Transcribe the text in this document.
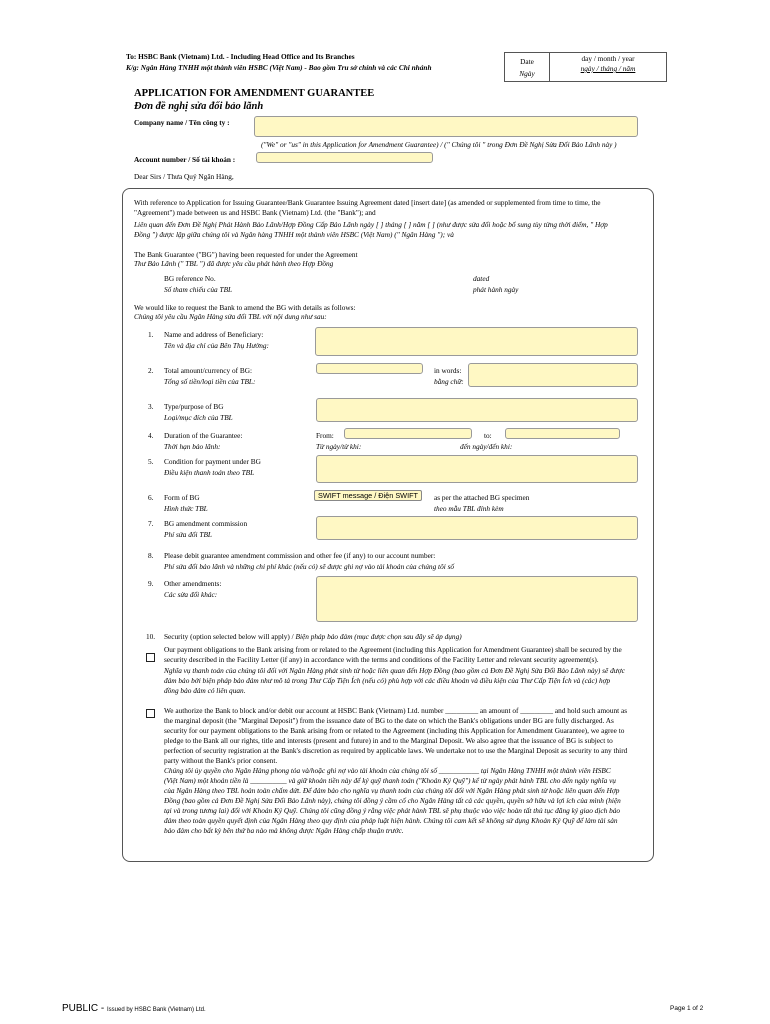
To: HSBC Bank (Vietnam) Ltd. - Including Head Office and Its Branches
K/g: Ngân Hàng TNHH một thành viên HSBC (Việt Nam) - Bao gồm Tru sở chính và các Chi nhánh
Date
Ngày
day / month / year
ngày / tháng / năm
APPLICATION FOR AMENDMENT GUARANTEE
Đơn đề nghị sửa đổi bảo lãnh
Company name / Tên công ty :
("We" or "us" in this Application for Amendment Guarantee) / (" Chúng tôi " trong Đơn Đề Nghị Sửa Đổi Bảo Lãnh này )
Account number / Số tài khoản :
Dear Sirs / Thưa Quý Ngân Hàng,
With reference to Application for Issuing Guarantee/Bank Guarantee Issuing Agreement dated [insert date] (as amended or supplemented from time to time, the
"Agreement") made between us and HSBC Bank (Vietnam) Ltd. (the "Bank"); and
Liên quan đến Đơn Đề Nghị Phát Hành Bảo Lãnh/Hợp Đồng Cấp Bảo Lãnh ngày [ ] tháng [ ] năm [ ] (như được sửa đổi hoặc bổ sung tùy từng thời điểm, " Hợp
Đồng ") được lập giữa chúng tôi và Ngân hàng TNHH một thành viên HSBC (Việt Nam) (" Ngân Hàng "); và
The Bank Guarantee ("BG") having been requested for under the Agreement
Thư Bảo Lãnh (" TBL ") đã được yêu cầu phát hành theo Hợp Đồng
BG reference No.
Số tham chiếu của TBL
dated
phát hành ngày
We would like to request the Bank to amend the BG with details as follows:
Chúng tôi yêu cầu Ngân Hàng sửa đổi TBL với nội dung như sau:
1. Name and address of Beneficiary:
Tên và địa chỉ của Bên Thụ Hưởng:
2. Total amount/currency of BG:
Tổng số tiền/loại tiền của TBL:
in words:
bằng chữ:
3. Type/purpose of BG
Loại/mục đích của TBL
4. Duration of the Guarantee:
Thời hạn bảo lãnh:
From:
Từ ngày/từ khi:
to:
đến ngày/đến khi:
5. Condition for payment under BG
Điều kiện thanh toán theo TBL
6. Form of BG
Hình thức TBL
SWIFT message / Điện SWIFT	as per the attached BG specimen
theo mẫu TBL đính kèm
7. BG amendment commission
Phí sửa đổi TBL
8. Please debit guarantee amendment commission and other fee (if any) to our account number:
Phí sửa đổi bảo lãnh và những chi phí khác (nếu có) sẽ được ghi nợ vào tài khoản của chúng tôi số
9. Other amendments:
Các sửa đổi khác:
10. Security (option selected below will apply) / Biện pháp bảo đảm (mục được chọn sau đây sẽ áp dụng)
Our payment obligations to the Bank arising from or related to the Agreement (including this Application for Amendment Guarantee) shall be secured by the
security described in the Facility Letter (if any) in accordance with the terms and conditions of the Facility Letter and relevant security agreement(s).
Nghĩa vụ thanh toán của chúng tôi đối với Ngân Hàng phát sinh từ hoặc liên quan đến Hợp Đồng (bao gồm cả Đơn Đề Nghị Sửa Đổi Bảo Lãnh này) sẽ được
đảm bảo bởi biện pháp bảo đảm như mô tả trong Thư Cấp Tiện Ích (nếu có) phù hợp với các điều khoản và điều kiện của Thư Cấp Tiện Ích và (các) hợp
đồng bảo đảm có liên quan.
We authorize the Bank to block and/or debit our account at HSBC Bank (Vietnam) Ltd. number _________ an amount of _________ and hold such amount as
the marginal deposit (the "Marginal Deposit") from the issuance date of BG to the date on which the Bank's obligations under BG are fully discharged. As
security for our payment obligations to the Bank arising from or related to the Agreement (including this Application for Amendment Guarantee), we agree to
pledge to the Bank all our rights, title and interests (present and future) in and to the Marginal Deposit. We also agree that the issuance of BG is subject to
perfection of security registration at the Bank's discretion as required by applicable laws. We undertake not to use the Marginal Deposit as security to any third
party without the Bank's prior consent.
Chúng tôi ủy quyền cho Ngân Hàng phong tỏa và/hoặc ghi nợ vào tài khoản của chúng tôi số ___________ tại Ngân Hàng TNHH một thành viên HSBC
(Việt Nam) một khoản tiền là __________ và giữ khoản tiền này để ký quỹ thanh toán ("Khoản Ký Quỹ") kể từ ngày phát hành TBL cho đến ngày nghĩa vụ
của Ngân Hàng theo TBL hoàn toàn chấm dứt. Để đảm bảo cho nghĩa vụ thanh toán của chúng tôi đối với Ngân Hàng phát sinh từ hoặc liên quan đến Hợp
Đồng (bao gồm cả Đơn Đề Nghị Sửa Đổi Bảo Lãnh này), chúng tôi đồng ý cầm cố cho Ngân Hàng tất cả các quyền, quyền sở hữu và lợi ích của mình (hiện
tại và trong tương lai) đối với Khoản Ký Quỹ. Chúng tôi cũng đồng ý rằng việc phát hành TBL sẽ phụ thuộc vào việc hoàn tất thủ tục đăng ký giao dịch bảo
đảm theo toàn quyền quyết định của Ngân Hàng theo quy định của pháp luật hiện hành. Chúng tôi cam kết sẽ không sử dụng Khoản Ký Quỹ để làm tài sản
bảo đảm cho bất kỳ bên thứ ba nào mà không được Ngân Hàng chấp thuận trước.
PUBLIC - Issued by HSBC Bank (Vietnam) Ltd.	Page 1 of 2
